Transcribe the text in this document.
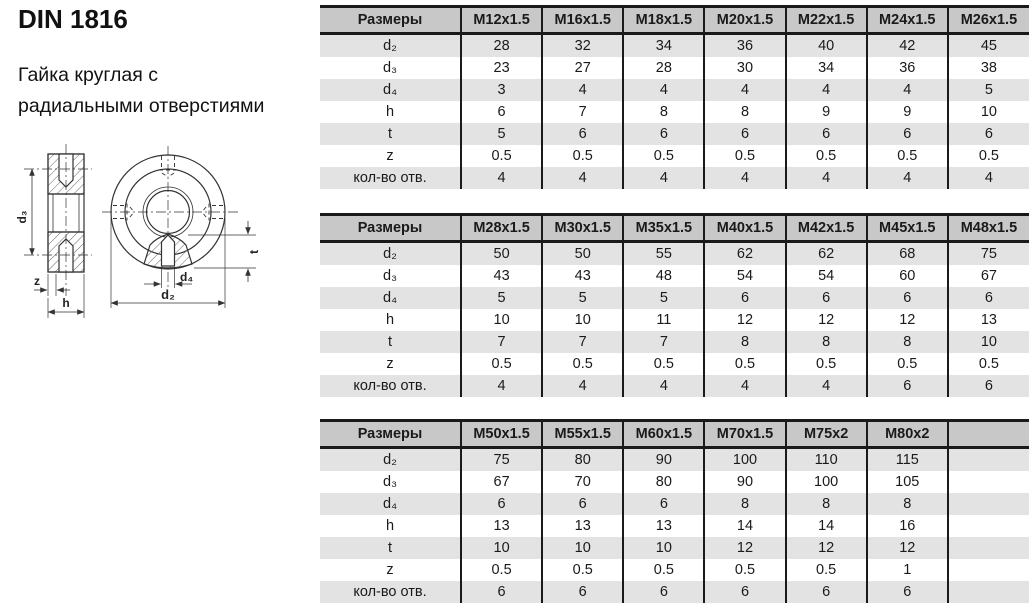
DIN 1816
Гайка круглая с
радиальными отверстиями
d₃
z
h
d₄
t
d₂
Размеры	M12x1.5	M16x1.5	M18x1.5	M20x1.5	M22x1.5	M24x1.5	M26x1.5
d₂	28	32	34	36	40	42	45
d₃	23	27	28	30	34	36	38
d₄	3	4	4	4	4	4	5
h	6	7	8	8	9	9	10
t	5	6	6	6	6	6	6
z	0.5	0.5	0.5	0.5	0.5	0.5	0.5
кол-во отв.	4	4	4	4	4	4	4
Размеры	M28x1.5	M30x1.5	M35x1.5	M40x1.5	M42x1.5	M45x1.5	M48x1.5
d₂	50	50	55	62	62	68	75
d₃	43	43	48	54	54	60	67
d₄	5	5	5	6	6	6	6
h	10	10	11	12	12	12	13
t	7	7	7	8	8	8	10
z	0.5	0.5	0.5	0.5	0.5	0.5	0.5
кол-во отв.	4	4	4	4	4	6	6
Размеры	M50x1.5	M55x1.5	M60x1.5	M70x1.5	M75x2	M80x2	
d₂	75	80	90	100	110	115	
d₃	67	70	80	90	100	105	
d₄	6	6	6	8	8	8	
h	13	13	13	14	14	16	
t	10	10	10	12	12	12	
z	0.5	0.5	0.5	0.5	0.5	1	
кол-во отв.	6	6	6	6	6	6	
